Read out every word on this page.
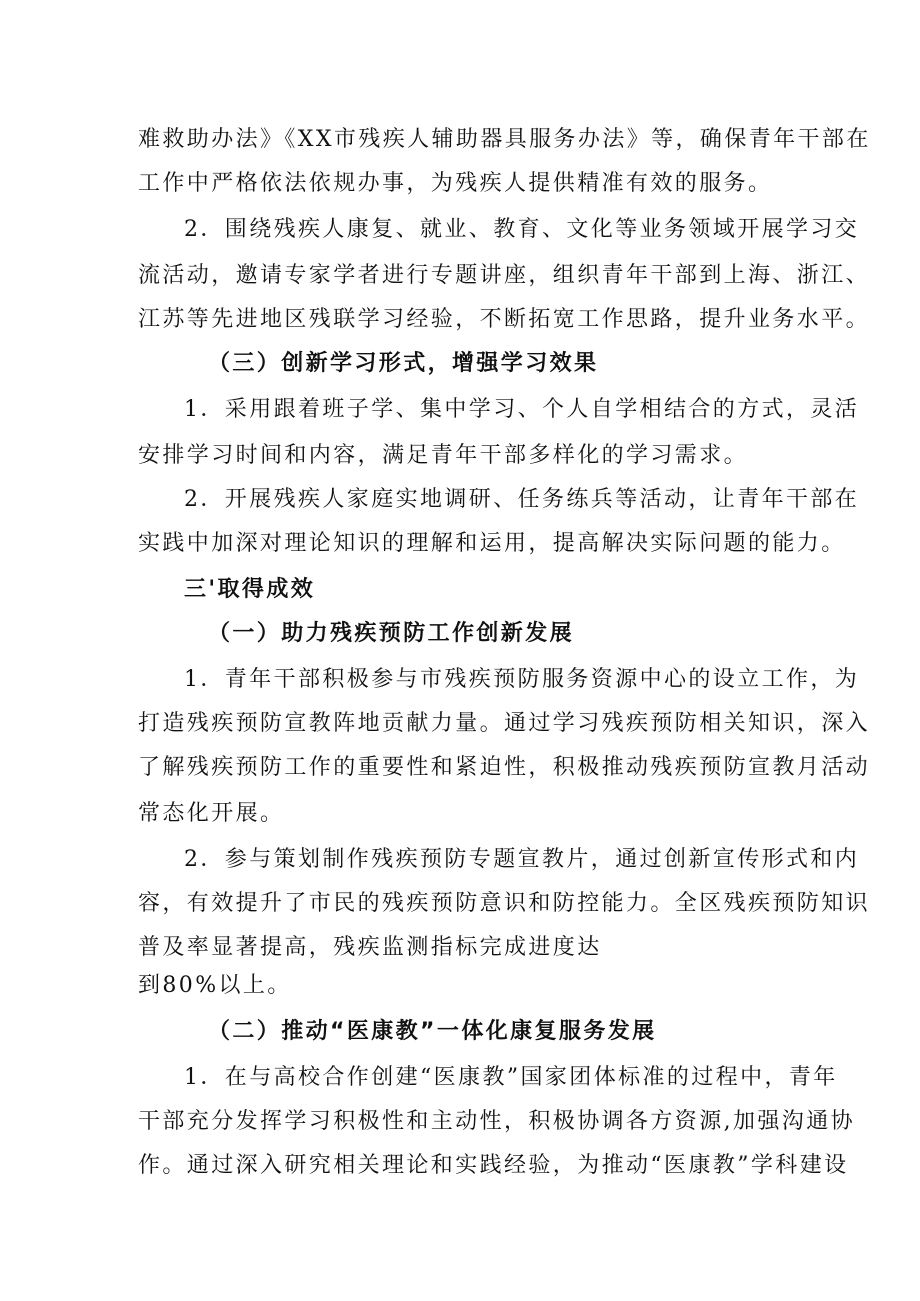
难救助办法》《XX市残疾人辅助器具服务办法》等，确保青年干部在
工作中严格依法依规办事，为残疾人提供精准有效的服务。
2．围绕残疾人康复、就业、教育、文化等业务领域开展学习交
流活动，邀请专家学者进行专题讲座，组织青年干部到上海、浙江、
江苏等先进地区残联学习经验，不断拓宽工作思路，提升业务水平。
（三）创新学习形式，增强学习效果
1．采用跟着班子学、集中学习、个人自学相结合的方式，灵活
安排学习时间和内容，满足青年干部多样化的学习需求。
2．开展残疾人家庭实地调研、任务练兵等活动，让青年干部在
实践中加深对理论知识的理解和运用，提高解决实际问题的能力。
三'取得成效
（一）助力残疾预防工作创新发展
1．青年干部积极参与市残疾预防服务资源中心的设立工作，为
打造残疾预防宣教阵地贡献力量。通过学习残疾预防相关知识，深入
了解残疾预防工作的重要性和紧迫性，积极推动残疾预防宣教月活动
常态化开展。
2．参与策划制作残疾预防专题宣教片，通过创新宣传形式和内
容，有效提升了市民的残疾预防意识和防控能力。全区残疾预防知识
普及率显著提高，残疾监测指标完成进度达
到80%以上。
（二）推动“医康教”一体化康复服务发展
1．在与高校合作创建“医康教”国家团体标准的过程中，青年
干部充分发挥学习积极性和主动性，积极协调各方资源,加强沟通协
作。通过深入研究相关理论和实践经验，为推动“医康教”学科建设
